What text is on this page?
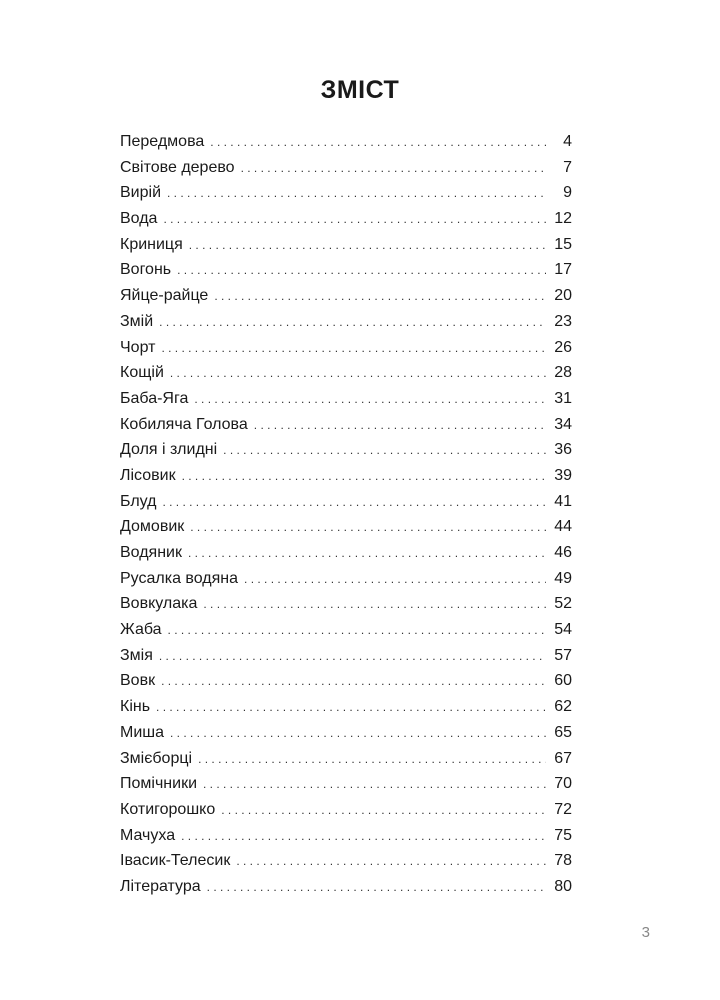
ЗМІСТ
Передмова . . .	4
Світове дерево . . .	7
Вирій . . .	9
Вода . . .	12
Криниця . . .	15
Вогонь . . .	17
Яйце-райце . . .	20
Змій . . .	23
Чорт . . .	26
Кощій . . .	28
Баба-Яга . . .	31
Кобиляча Голова . . .	34
Доля і злидні . . .	36
Лісовик . . .	39
Блуд . . .	41
Домовик . . .	44
Водяник . . .	46
Русалка водяна . . .	49
Вовкулака . . .	52
Жаба . . .	54
Змія . . .	57
Вовк . . .	60
Кінь . . .	62
Миша . . .	65
Змієборці . . .	67
Помічники . . .	70
Котигорошко . . .	72
Мачуха . . .	75
Івасик-Телесик . . .	78
Література . . .	80
3
